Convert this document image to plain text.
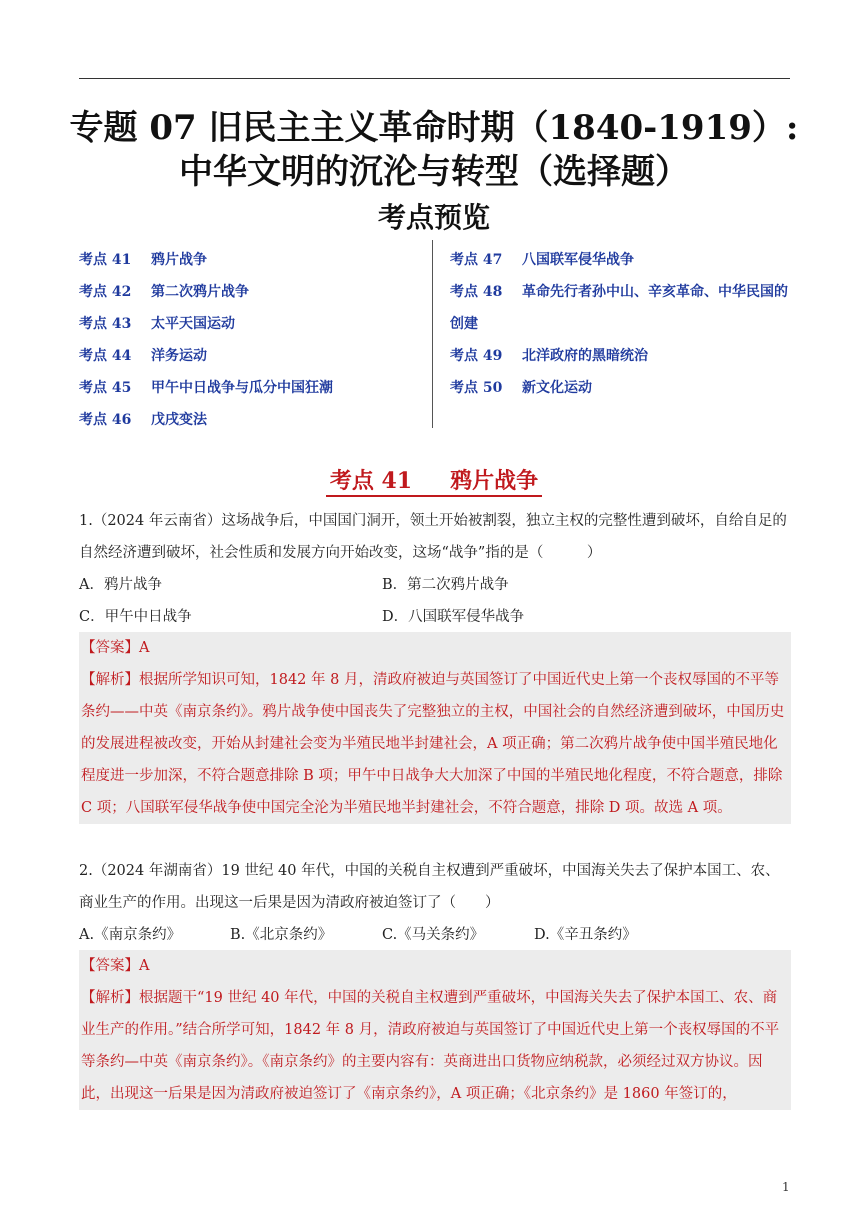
专题 07 旧民主主义革命时期（1840-1919）:
中华文明的沉沦与转型（选择题）
考点预览
考点 41 鸦片战争
考点 42 第二次鸦片战争
考点 43 太平天国运动
考点 44 洋务运动
考点 45 甲午中日战争与瓜分中国狂潮
考点 46 戊戌变法
考点 47 八国联军侵华战争
考点 48 革命先行者孙中山、辛亥革命、中华民国的创建
考点 49 北洋政府的黑暗统治
考点 50 新文化运动
考点 41 鸦片战争
1.（2024 年云南省）这场战争后，中国国门洞开，领土开始被割裂，独立主权的完整性遭到破坏，自给自足的自然经济遭到破坏，社会性质和发展方向开始改变，这场“战争”指的是（　　　）
A．鸦片战争	B．第二次鸦片战争
C．甲午中日战争	D．八国联军侵华战争

【答案】A

【解析】根据所学知识可知，1842 年 8 月，清政府被迫与英国签订了中国近代史上第一个丧权辱国的不平等条约——中英《南京条约》。鸦片战争使中国丧失了完整独立的主权，中国社会的自然经济遭到破坏，中国历史的发展进程被改变，开始从封建社会变为半殖民地半封建社会，A 项正确；第二次鸦片战争使中国半殖民地化程度进一步加深，不符合题意排除 B 项；甲午中日战争大大加深了中国的半殖民地化程度，不符合题意，排除 C 项；八国联军侵华战争使中国完全沦为半殖民地半封建社会，不符合题意，排除 D 项。故选 A 项。

2.（2024 年湖南省）19 世纪 40 年代，中国的关税自主权遭到严重破坏，中国海关失去了保护本国工、农、商业生产的作用。出现这一后果是因为清政府被迫签订了（　　）
A.《南京条约》	B.《北京条约》	C.《马关条约》	D.《辛丑条约》

【答案】A

【解析】根据题干“19 世纪 40 年代，中国的关税自主权遭到严重破坏，中国海关失去了保护本国工、农、商业生产的作用。”结合所学可知，1842 年 8 月，清政府被迫与英国签订了中国近代史上第一个丧权辱国的不平等条约—中英《南京条约》。《南京条约》的主要内容有：英商进出口货物应纳税款，必须经过双方协议。因此，出现这一后果是因为清政府被迫签订了《南京条约》，A 项正确；《北京条约》是 1860 年签订的，

1
